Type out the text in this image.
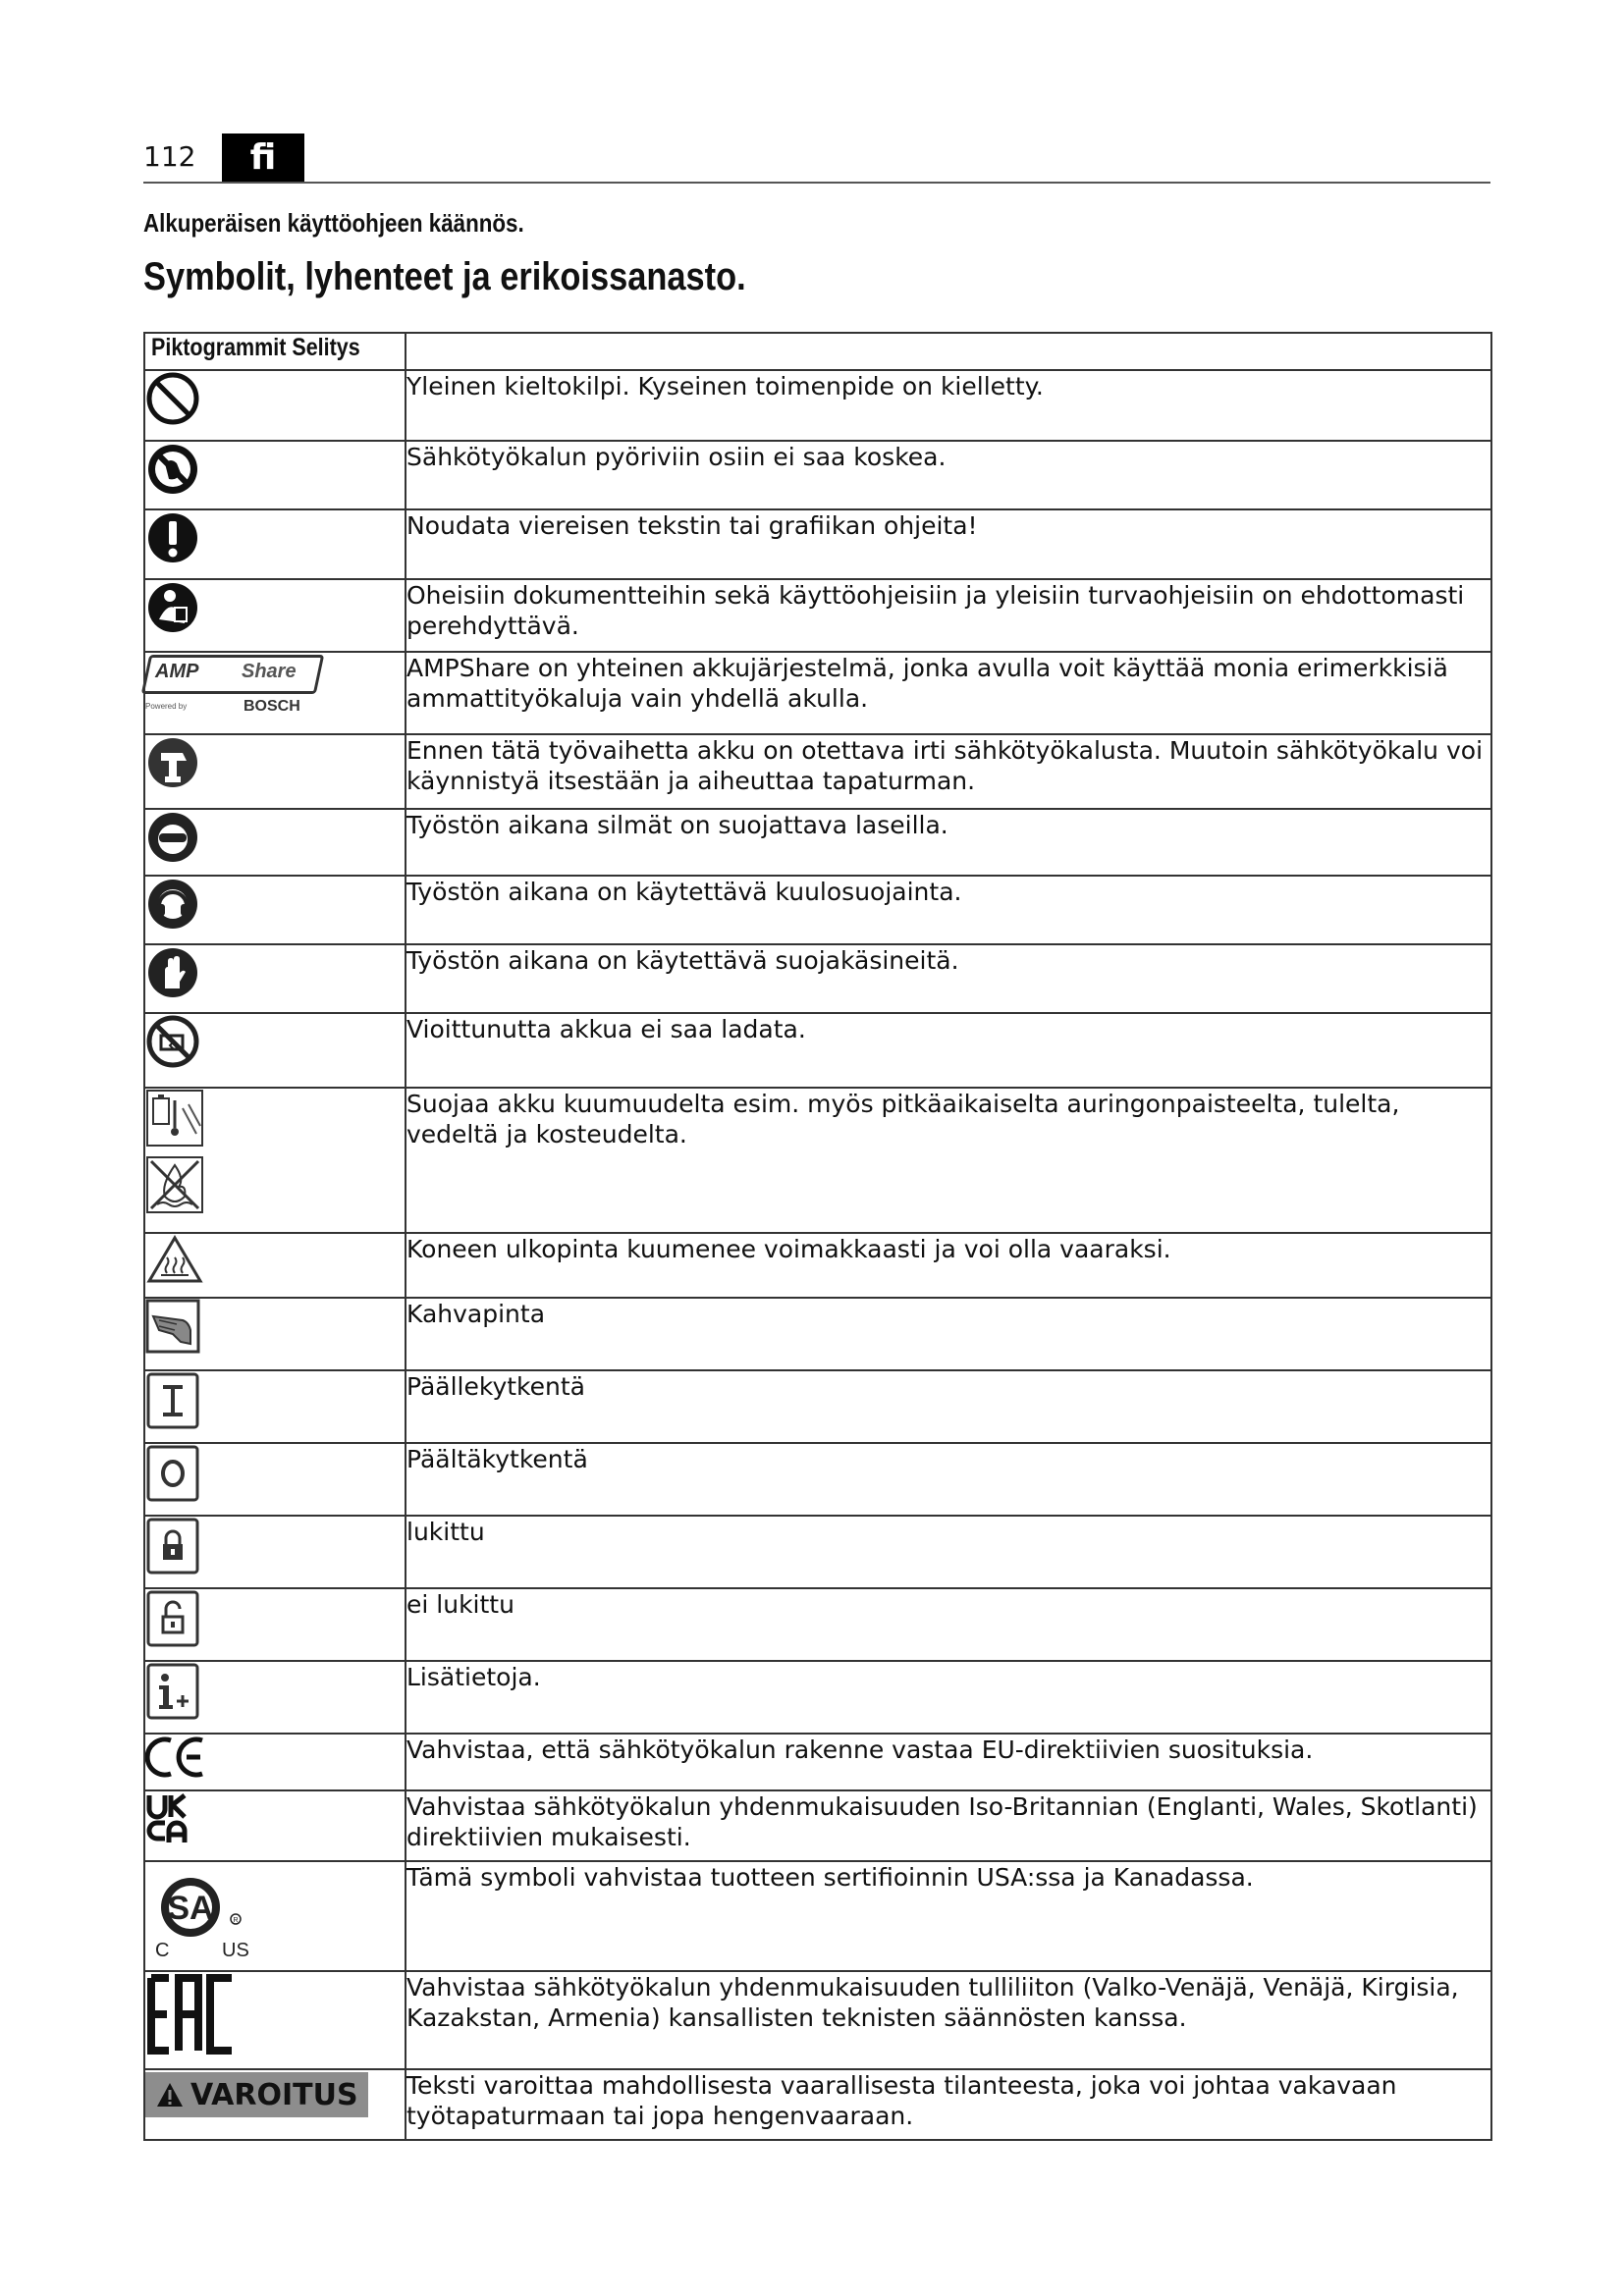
112	fi
Alkuperäisen käyttöohjeen käännös.
Symbolit, lyhenteet ja erikoissanasto.
Piktogrammit Selitys	

	Yleinen kieltokilpi. Kyseinen toimenpide on kielletty.

	Sähkötyökalun pyöriviin osiin ei saa koskea.

	Noudata viereisen tekstin tai grafiikan ohjeita!

	Oheisiin dokumentteihin sekä käyttöohjeisiin ja yleisiin turvaohjeisiin on ehdottomasti perehdyttävä.

AMP Share
Powered by BOSCH	AMPShare on yhteinen akkujärjestelmä, jonka avulla voit käyttää monia erimerkkisiä ammattityökaluja vain yhdellä akulla.

	Ennen tätä työvaihetta akku on otettava irti sähkötyökalusta. Muutoin sähkötyökalu voi käynnistyä itsestään ja aiheuttaa tapaturman.

	Työstön aikana silmät on suojattava laseilla.

	Työstön aikana on käytettävä kuulosuojainta.

	Työstön aikana on käytettävä suojakäsineitä.

	Vioittunutta akkua ei saa ladata.

	Suojaa akku kuumuudelta esim. myös pitkäaikaiselta auringonpaisteelta, tulelta, vedeltä ja kosteudelta.

	Koneen ulkopinta kuumenee voimakkaasti ja voi olla vaaraksi.

	Kahvapinta

	Päällekytkentä

	Päältäkytkentä

	lukittu

	ei lukittu

	Lisätietoja.

	Vahvistaa, että sähkötyökalun rakenne vastaa EU-direktiivien suosituksia.

	Vahvistaa sähkötyökalun yhdenmukaisuuden Iso-Britannian (Englanti, Wales, Skotlanti) direktiivien mukaisesti.

SA R
C US	Tämä symboli vahvistaa tuotteen sertifioinnin USA:ssa ja Kanadassa.

	Vahvistaa sähkötyökalun yhdenmukaisuuden tulliliiton (Valko-Venäjä, Venäjä, Kirgisia, Kazakstan, Armenia) kansallisten teknisten säännösten kanssa.

VAROITUS	Teksti varoittaa mahdollisesta vaarallisesta tilanteesta, joka voi johtaa vakavaan työtapaturmaan tai jopa hengenvaaraan.
